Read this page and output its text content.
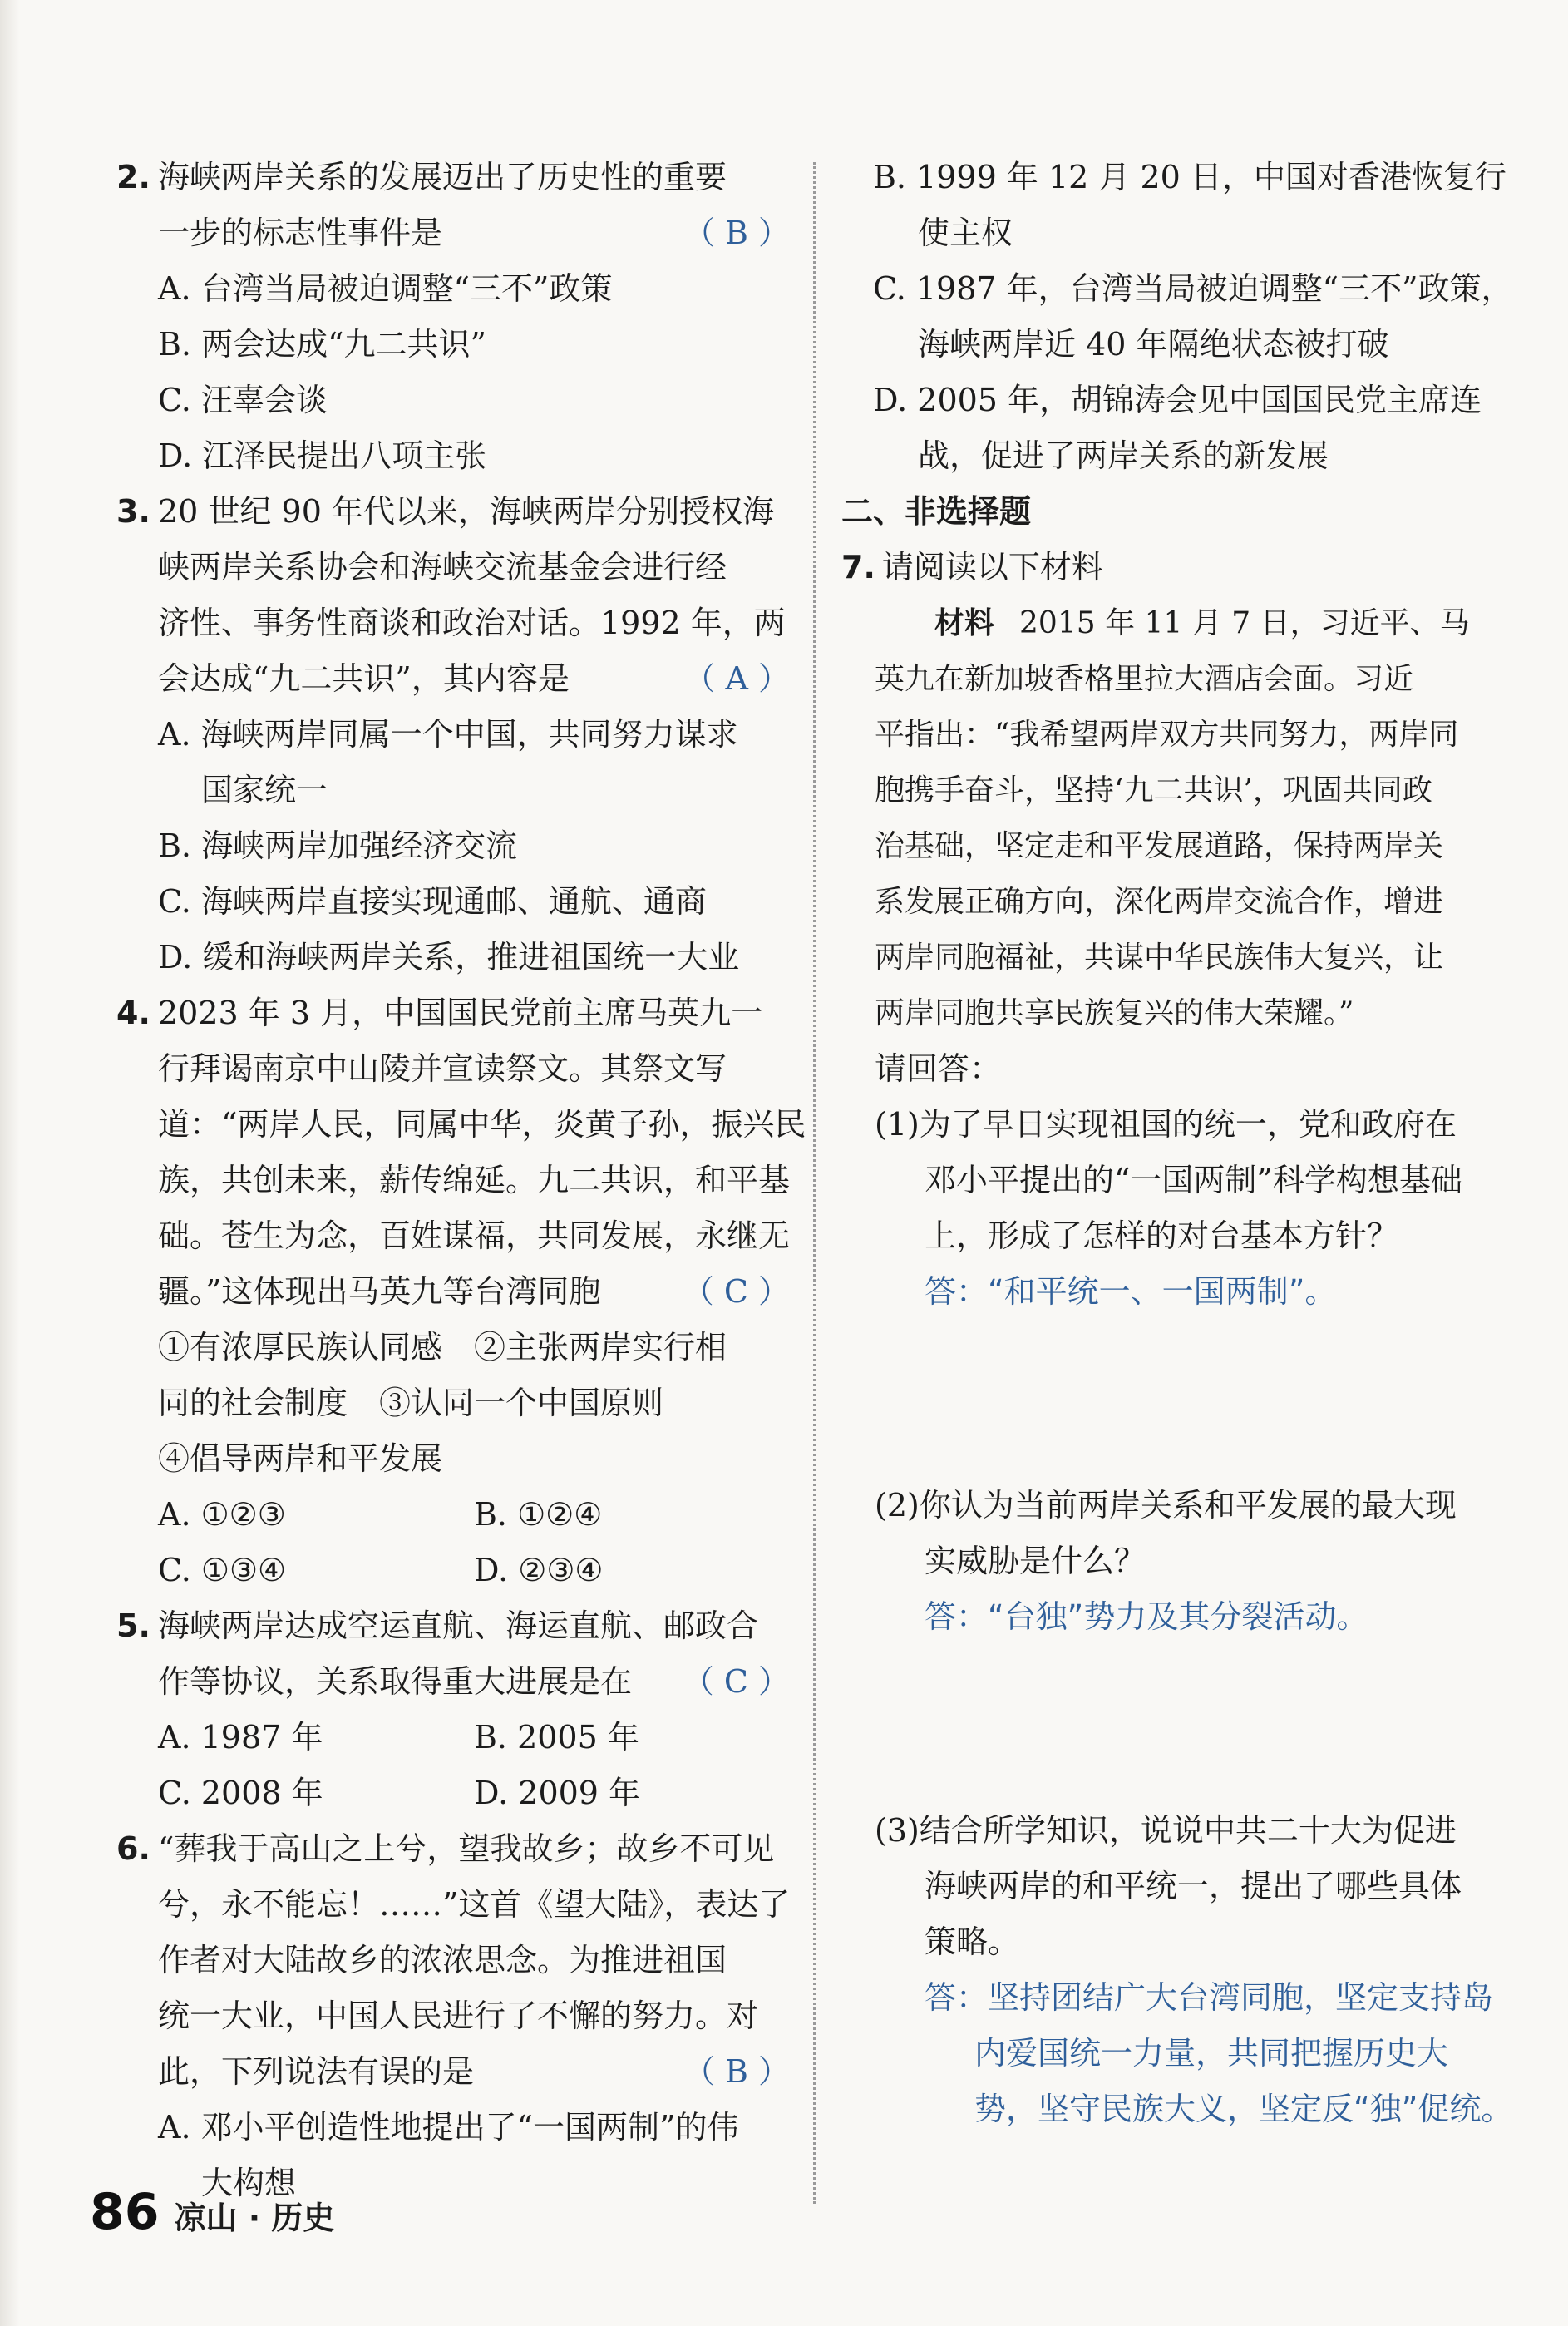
2. 海峡两岸关系的发展迈出了历史性的重要
一步的标志性事件是	（ B ）
A. 台湾当局被迫调整“三不”政策
B. 两会达成“九二共识”
C. 汪辜会谈
D. 江泽民提出八项主张
3. 20 世纪 90 年代以来，海峡两岸分别授权海
峡两岸关系协会和海峡交流基金会进行经
济性、事务性商谈和政治对话。1992 年，两
会达成“九二共识”，其内容是	（ A ）
A. 海峡两岸同属一个中国，共同努力谋求
国家统一
B. 海峡两岸加强经济交流
C. 海峡两岸直接实现通邮、通航、通商
D. 缓和海峡两岸关系，推进祖国统一大业
4. 2023 年 3 月，中国国民党前主席马英九一
行拜谒南京中山陵并宣读祭文。其祭文写
道：“两岸人民，同属中华，炎黄子孙，振兴民
族，共创未来，薪传绵延。九二共识，和平基
础。苍生为念，百姓谋福，共同发展，永继无
疆。”这体现出马英九等台湾同胞	（ C ）
①有浓厚民族认同感　②主张两岸实行相
同的社会制度　③认同一个中国原则
④倡导两岸和平发展
A. ①②③	B. ①②④
C. ①③④	D. ②③④
5. 海峡两岸达成空运直航、海运直航、邮政合
作等协议，关系取得重大进展是在 （ C ）
A. 1987 年	B. 2005 年
C. 2008 年	D. 2009 年
6. “葬我于高山之上兮，望我故乡；故乡不可见
兮，永不能忘！……”这首《望大陆》，表达了
作者对大陆故乡的浓浓思念。为推进祖国
统一大业，中国人民进行了不懈的努力。对
此，下列说法有误的是	（ B ）
A. 邓小平创造性地提出了“一国两制”的伟
大构想
B. 1999 年 12 月 20 日，中国对香港恢复行
使主权
C. 1987 年，台湾当局被迫调整“三不”政策，
海峡两岸近 40 年隔绝状态被打破
D. 2005 年，胡锦涛会见中国国民党主席连
战，促进了两岸关系的新发展
二、非选择题
7. 请阅读以下材料
材料 2015 年 11 月 7 日，习近平、马
英九在新加坡香格里拉大酒店会面。习近
平指出：“我希望两岸双方共同努力，两岸同
胞携手奋斗，坚持‘九二共识’，巩固共同政
治基础，坚定走和平发展道路，保持两岸关
系发展正确方向，深化两岸交流合作，增进
两岸同胞福祉，共谋中华民族伟大复兴，让
两岸同胞共享民族复兴的伟大荣耀。”
请回答：
(1)为了早日实现祖国的统一，党和政府在
邓小平提出的“一国两制”科学构想基础
上，形成了怎样的对台基本方针？
答：“和平统一、一国两制”。
(2)你认为当前两岸关系和平发展的最大现
实威胁是什么？
答：“台独”势力及其分裂活动。
(3)结合所学知识，说说中共二十大为促进
海峡两岸的和平统一，提出了哪些具体
策略。
答：坚持团结广大台湾同胞，坚定支持岛
内爱国统一力量，共同把握历史大
势，坚守民族大义，坚定反“独”促统。
86 凉山 · 历史
